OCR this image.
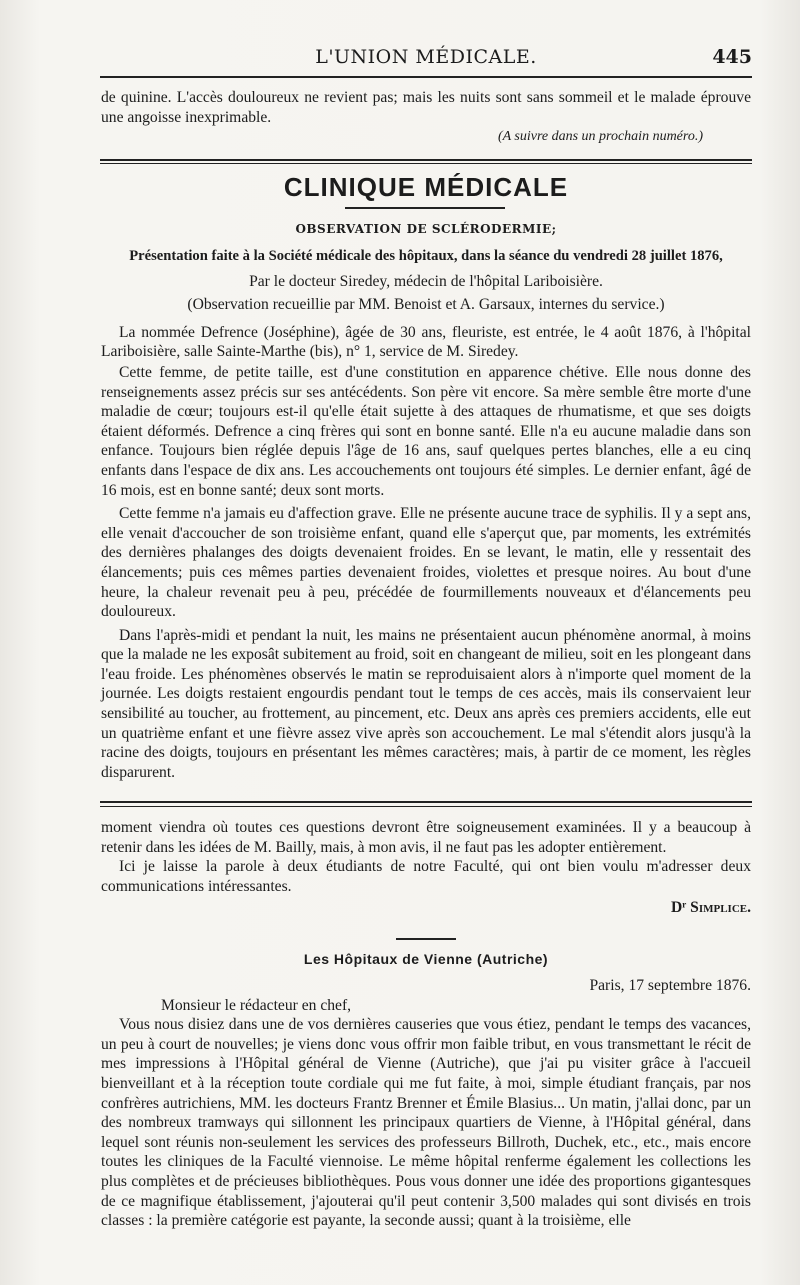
L'UNION MÉDICALE.	445

de quinine. L'accès douloureux ne revient pas; mais les nuits sont sans sommeil et le malade éprouve une angoisse inexprimable.

(A suivre dans un prochain numéro.)

CLINIQUE MÉDICALE
OBSERVATION DE SCLÉRODERMIE;

Présentation faite à la Société médicale des hôpitaux, dans la séance du vendredi 28 juillet 1876,

Par le docteur Siredey, médecin de l'hôpital Lariboisière.

(Observation recueillie par MM. Benoist et A. Garsaux, internes du service.)

La nommée Defrence (Joséphine), âgée de 30 ans, fleuriste, est entrée, le 4 août 1876, à l'hôpital Lariboisière, salle Sainte-Marthe (bis), n° 1, service de M. Siredey.

Cette femme, de petite taille, est d'une constitution en apparence chétive. Elle nous donne des renseignements assez précis sur ses antécédents. Son père vit encore. Sa mère semble être morte d'une maladie de cœur; toujours est-il qu'elle était sujette à des attaques de rhumatisme, et que ses doigts étaient déformés. Defrence a cinq frères qui sont en bonne santé. Elle n'a eu aucune maladie dans son enfance. Toujours bien réglée depuis l'âge de 16 ans, sauf quelques pertes blanches, elle a eu cinq enfants dans l'espace de dix ans. Les accouchements ont toujours été simples. Le dernier enfant, âgé de 16 mois, est en bonne santé; deux sont morts.

Cette femme n'a jamais eu d'affection grave. Elle ne présente aucune trace de syphilis. Il y a sept ans, elle venait d'accoucher de son troisième enfant, quand elle s'aperçut que, par moments, les extrémités des dernières phalanges des doigts devenaient froides. En se levant, le matin, elle y ressentait des élancements; puis ces mêmes parties devenaient froides, violettes et presque noires. Au bout d'une heure, la chaleur revenait peu à peu, précédée de fourmillements nouveaux et d'élancements peu douloureux.

Dans l'après-midi et pendant la nuit, les mains ne présentaient aucun phénomène anormal, à moins que la malade ne les exposât subitement au froid, soit en changeant de milieu, soit en les plongeant dans l'eau froide. Les phénomènes observés le matin se reproduisaient alors à n'importe quel moment de la journée. Les doigts restaient engourdis pendant tout le temps de ces accès, mais ils conservaient leur sensibilité au toucher, au frottement, au pincement, etc. Deux ans après ces premiers accidents, elle eut un quatrième enfant et une fièvre assez vive après son accouchement. Le mal s'étendit alors jusqu'à la racine des doigts, toujours en présentant les mêmes caractères; mais, à partir de ce moment, les règles disparurent.

moment viendra où toutes ces questions devront être soigneusement examinées. Il y a beaucoup à retenir dans les idées de M. Bailly, mais, à mon avis, il ne faut pas les adopter entièrement.

Ici je laisse la parole à deux étudiants de notre Faculté, qui ont bien voulu m'adresser deux communications intéressantes.

Dʳ Simplice.

Les Hôpitaux de Vienne (Autriche)

Paris, 17 septembre 1876.

Monsieur le rédacteur en chef,

Vous nous disiez dans une de vos dernières causeries que vous étiez, pendant le temps des vacances, un peu à court de nouvelles; je viens donc vous offrir mon faible tribut, en vous transmettant le récit de mes impressions à l'Hôpital général de Vienne (Autriche), que j'ai pu visiter grâce à l'accueil bienveillant et à la réception toute cordiale qui me fut faite, à moi, simple étudiant français, par nos confrères autrichiens, MM. les docteurs Frantz Brenner et Émile Blasius... Un matin, j'allai donc, par un des nombreux tramways qui sillonnent les principaux quartiers de Vienne, à l'Hôpital général, dans lequel sont réunis non-seulement les services des professeurs Billroth, Duchek, etc., etc., mais encore toutes les cliniques de la Faculté viennoise. Le même hôpital renferme également les collections les plus complètes et de précieuses bibliothèques. Pous vous donner une idée des proportions gigantesques de ce magnifique établissement, j'ajouterai qu'il peut contenir 3,500 malades qui sont divisés en trois classes : la première catégorie est payante, la seconde aussi; quant à la troisième, elle
